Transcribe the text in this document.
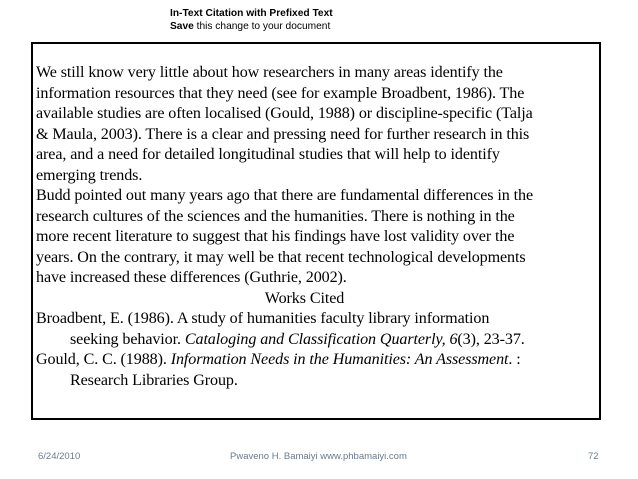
In-Text Citation with Prefixed Text
Save this change to your document
We still know very little about how researchers in many areas identify the
information resources that they need (see for example Broadbent, 1986). The
available studies are often localised (Gould, 1988) or discipline-specific (Talja
& Maula, 2003). There is a clear and pressing need for further research in this
area, and a need for detailed longitudinal studies that will help to identify
emerging trends.
Budd pointed out many years ago that there are fundamental differences in the
research cultures of the sciences and the humanities. There is nothing in the
more recent literature to suggest that his findings have lost validity over the
years. On the contrary, it may well be that recent technological developments
have increased these differences (Guthrie, 2002).
Works Cited
Broadbent, E. (1986). A study of humanities faculty library information
seeking behavior. Cataloging and Classification Quarterly, 6(3), 23-37.
Gould, C. C. (1988). Information Needs in the Humanities: An Assessment. :
Research Libraries Group.
6/24/2010	Pwaveno H. Bamaiyi www.phbamaiyi.com	72
